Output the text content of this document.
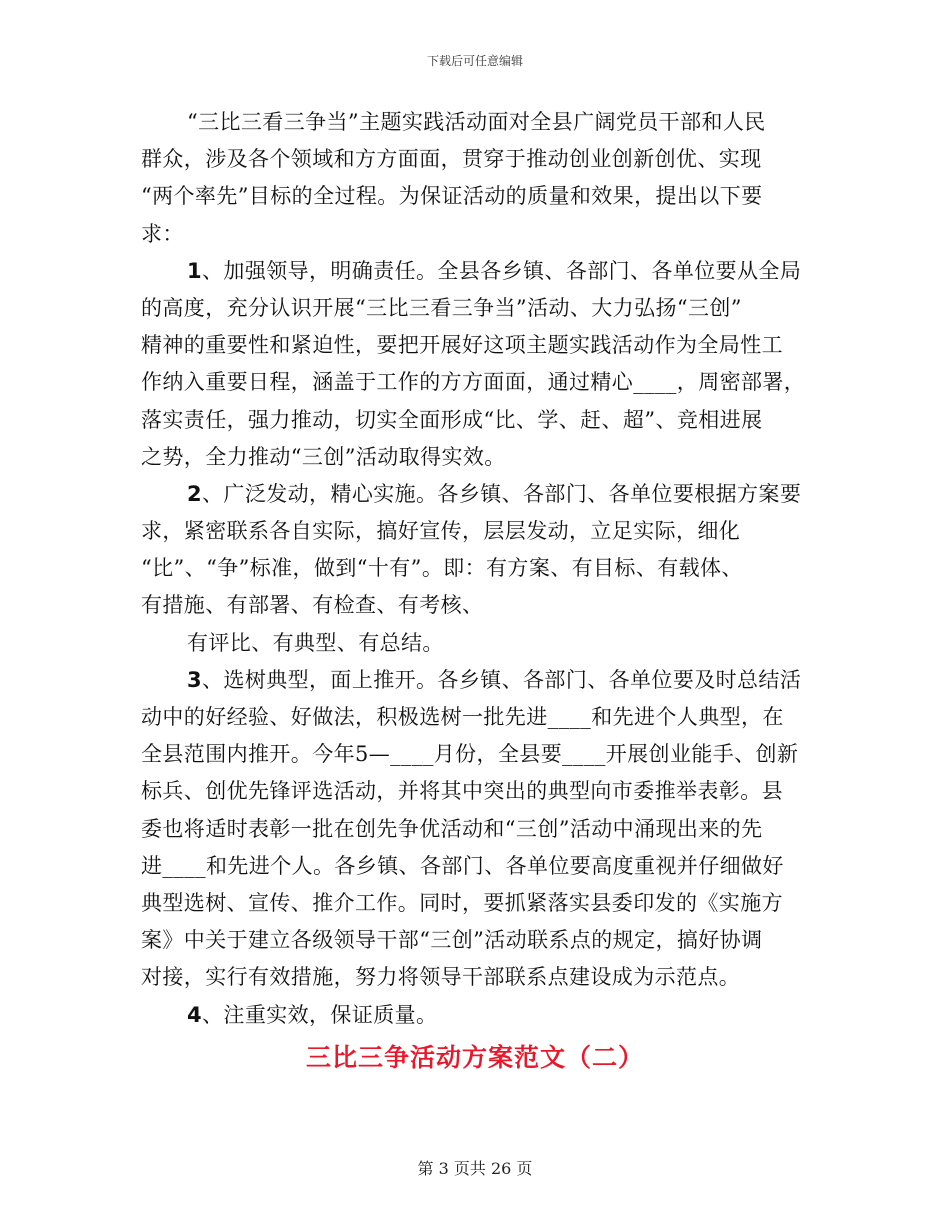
下载后可任意编辑
“三比三看三争当”主题实践活动面对全县广阔党员干部和人民
群众，涉及各个领域和方方面面，贯穿于推动创业创新创优、实现
“两个率先”目标的全过程。为保证活动的质量和效果，提出以下要
求：
1、加强领导，明确责任。全县各乡镇、各部门、各单位要从全局
的高度，充分认识开展“三比三看三争当”活动、大力弘扬“三创”
精神的重要性和紧迫性，要把开展好这项主题实践活动作为全局性工
作纳入重要日程，涵盖于工作的方方面面，通过精心____，周密部署，
落实责任，强力推动，切实全面形成“比、学、赶、超”、竞相进展
之势，全力推动“三创”活动取得实效。
2、广泛发动，精心实施。各乡镇、各部门、各单位要根据方案要
求，紧密联系各自实际，搞好宣传，层层发动，立足实际，细化
“比”、“争”标准，做到“十有”。即：有方案、有目标、有载体、
有措施、有部署、有检查、有考核、
有评比、有典型、有总结。
3、选树典型，面上推开。各乡镇、各部门、各单位要及时总结活
动中的好经验、好做法，积极选树一批先进____和先进个人典型，在
全县范围内推开。今年5—____月份，全县要____开展创业能手、创新
标兵、创优先锋评选活动，并将其中突出的典型向市委推举表彰。县
委也将适时表彰一批在创先争优活动和“三创”活动中涌现出来的先
进____和先进个人。各乡镇、各部门、各单位要高度重视并仔细做好
典型选树、宣传、推介工作。同时，要抓紧落实县委印发的《实施方
案》中关于建立各级领导干部“三创”活动联系点的规定，搞好协调
对接，实行有效措施，努力将领导干部联系点建设成为示范点。
4、注重实效，保证质量。
三比三争活动方案范文（二）
第 3 页共 26 页
